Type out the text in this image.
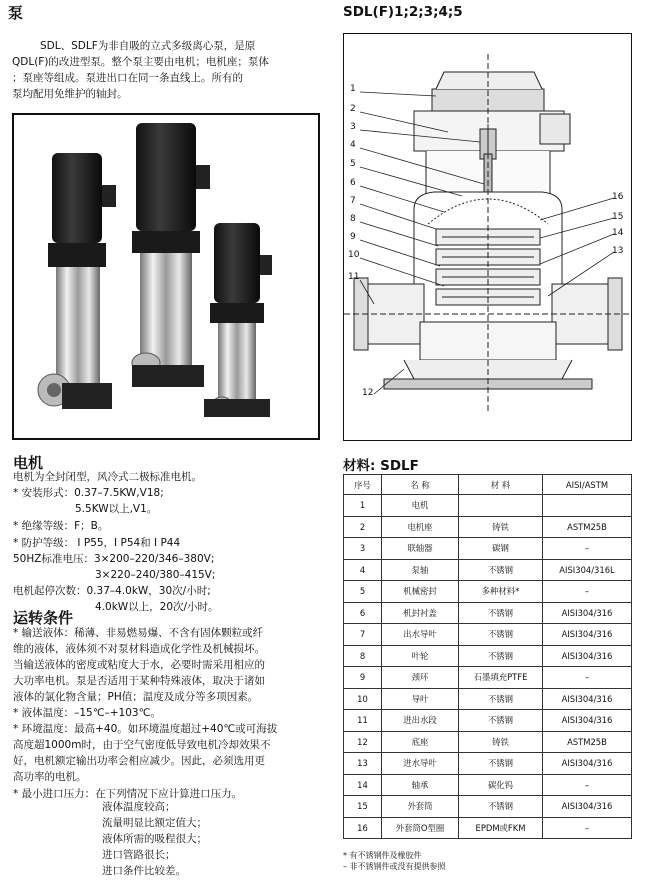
泵
SDL、SDLF为非自吸的立式多级离心泵，是原
QDL(F)的改进型泵。整个泵主要由电机；电机座；泵体
；泵座等组成。泵进出口在同一条直线上。所有的
泵均配用免维护的轴封。
电机
电机为全封闭型，风冷式二极标准电机。
* 安装形式：0.37–7.5KW,V18;
5.5KW以上,V1。
* 绝缘等级：F；B。
* 防护等级： I P55，I P54和 I P44
50HZ标准电压：3×200–220/346–380V;
3×220–240/380–415V;
电机起停次数：0.37–4.0kW，30次/小时;
4.0kW以上，20次/小时。
运转条件
* 输送液体：稀薄、非易燃易爆、不含有固体颗粒或纤
维的液体，液体须不对泵材料造成化学性及机械损坏。
当输送液体的密度或粘度大于水，必要时需采用相应的
大功率电机。泵是否适用于某种特殊液体，取决于诸如
液体的氯化物含量；PH值；温度及成分等多项因素。
* 液体温度：–15℃–+103℃。
* 环境温度：最高+40。如环境温度超过+40℃或可海拔
高度超1000m时，由于空气密度低导致电机冷却效果不
好，电机额定输出功率会相应减少。因此，必须选用更
高功率的电机。
* 最小进口压力：在下列情况下应计算进口压力。
液体温度较高；
流量明显比额定值大；
液体所需的吸程很大；
进口管路很长；
进口条件比较差。
SDL(F)1;2;3;4;5
1
2
3
4
5
6
7
8
9
10
11
12
16
15
14
13
材料: SDLF
序号	名 称	材 料	AISI/ASTM
1	电机		
2	电机座	铸铁	ASTM25B
3	联轴器	碳钢	–
4	泵轴	不锈钢	AISI304/316L
5	机械密封	多种材料*	–
6	机封衬盖	不锈钢	AISI304/316
7	出水导叶	不锈钢	AISI304/316
8	叶轮	不锈钢	AISI304/316
9	颈环	石墨填充PTFE	–
10	导叶	不锈钢	AISI304/316
11	进出水段	不锈钢	AISI304/316
12	底座	铸铁	ASTM25B
13	进水导叶	不锈钢	AISI304/316
14	轴承	碳化钨	–
15	外套筒	不锈钢	AISI304/316
16	外套筒O型圈	EPDM或FKM	–
* 有不锈钢件及橡胶件
– 非不锈钢件或没有提供参照
